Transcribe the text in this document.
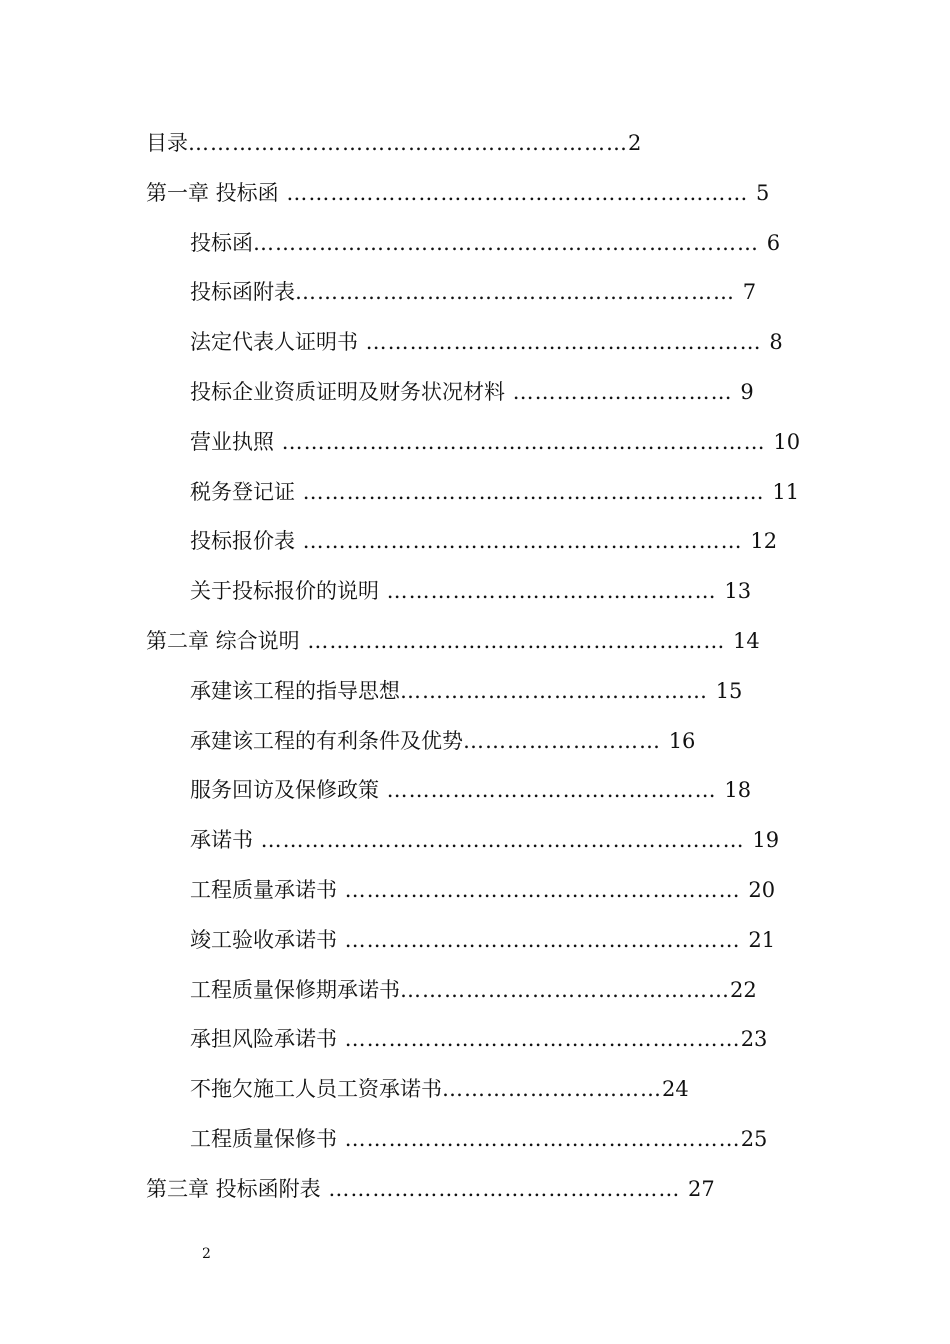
目录……………………………………………………2
第一章 投标函 ……………………………………………………… 5
投标函…………………………………………………………… 6
投标函附表…………………………………………………… 7
法定代表人证明书 ……………………………………………… 8
投标企业资质证明及财务状况材料 ………………………… 9
营业执照 ………………………………………………………… 10
税务登记证 ……………………………………………………… 11
投标报价表 …………………………………………………… 12
关于投标报价的说明 ……………………………………… 13
第二章 综合说明 ………………………………………………… 14
承建该工程的指导思想…………………………………… 15
承建该工程的有利条件及优势……………………… 16
服务回访及保修政策 ……………………………………… 18
承诺书 ………………………………………………………… 19
工程质量承诺书 ……………………………………………… 20
竣工验收承诺书 ……………………………………………… 21
工程质量保修期承诺书………………………………………22
承担风险承诺书 ………………………………………………23
不拖欠施工人员工资承诺书…………………………24
工程质量保修书 ………………………………………………25
第三章 投标函附表 ………………………………………… 27
2
